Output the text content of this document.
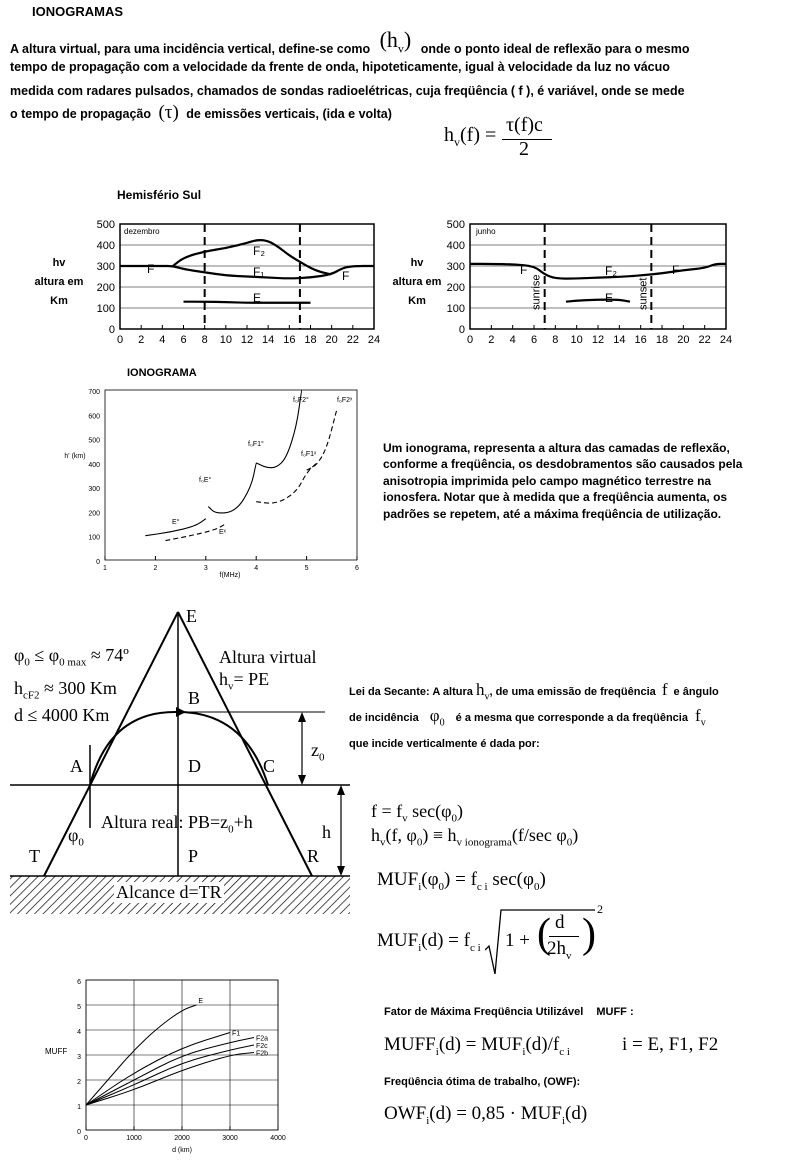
IONOGRAMAS
A altura virtual, para uma incidência vertical, define-se como $(h_v)$ onde o ponto ideal de reflexão para o mesmo
tempo de propagação com a velocidade da frente de onda, hipoteticamente, igual à velocidade da luz no vácuo
medida com radares pulsados, chamados de sondas radioelétricas, cuja freqüência ( f ), é variável, onde se mede
o tempo de propagação (τ) de emissões verticais, (ida e volta)
$h_v(f) = \tau(f)c$
2
Hemisfério Sul
hv
altura em
Km
hv
altura em
Km
0
100
200
300
400
500
0 2 4 6 8 10 12 14 16 18 20 22 24
dezembro
F
F₂
F₁	F
E
0
100
200
300
400
500
0 2 4 6 8 10 12 14 16 18 20 22 24
junho
sunrise	sunset
F	F₂	F
E
IONOGRAMA
0
100
200
300
400
500
600
700
1	2	3	4	5	6
h' (km)
f(MHz)
f₀F2°	f₀F2ˣ
f₀F1°
f₀F1ˣ
f₀E°
E°
Eˣ
Um ionograma, representa a altura das camadas de reflexão, conforme a freqüência, os desdobramentos são causados pela anisotropia imprimida pelo campo magnético terrestre na ionosfera. Notar que à medida que a freqüência aumenta, os padrões se repetem, até a máxima freqüência de utilização.
E
$\varphi_0 \le \varphi_{0 max}$ ≈ 74º
$h_{cF2} \approx 300$ Km
d ≤ 4000 Km
Altura virtual
$h_v=$ PE
B
A	D	C
$z_0$
$\varphi_0$
Altura real: $PB=z_0+h$	h
T	P	R
Alcance d=TR
Lei da Secante: A altura $h_v$, de uma emissão de freqüência f e ângulo
de incidência $\varphi_0$ é a mesma que corresponde a da freqüência $f_v$
que incide verticalmente é dada por:
$f = f_v$ $\sec(\varphi_0)$
$h_v(f$, $\varphi_0) \equiv h_{v ionograma}(f/\sec$ $\varphi_0$)
$MUF_i(\varphi_0) = f_{c i}$ $\sec(\varphi_0)$
$MUF_i(d) = f_{c i}$ 1 + ( d
$2h_v$ )
2
0
1
2
3
4
5
6
0	1000	2000	3000	4000
MUFF
d (km)
E
F1
F2a
F2c
F2b
Fator de Máxima Freqüência Utilizável MUFF :
$MUFF_i(d) = MUF_i(d)/f_{c i}$	i = E, F1, F2
Freqüência ótima de trabalho, (OWF):
$OWF_i(d) = 0,85 \cdot MUF_i(d)$
